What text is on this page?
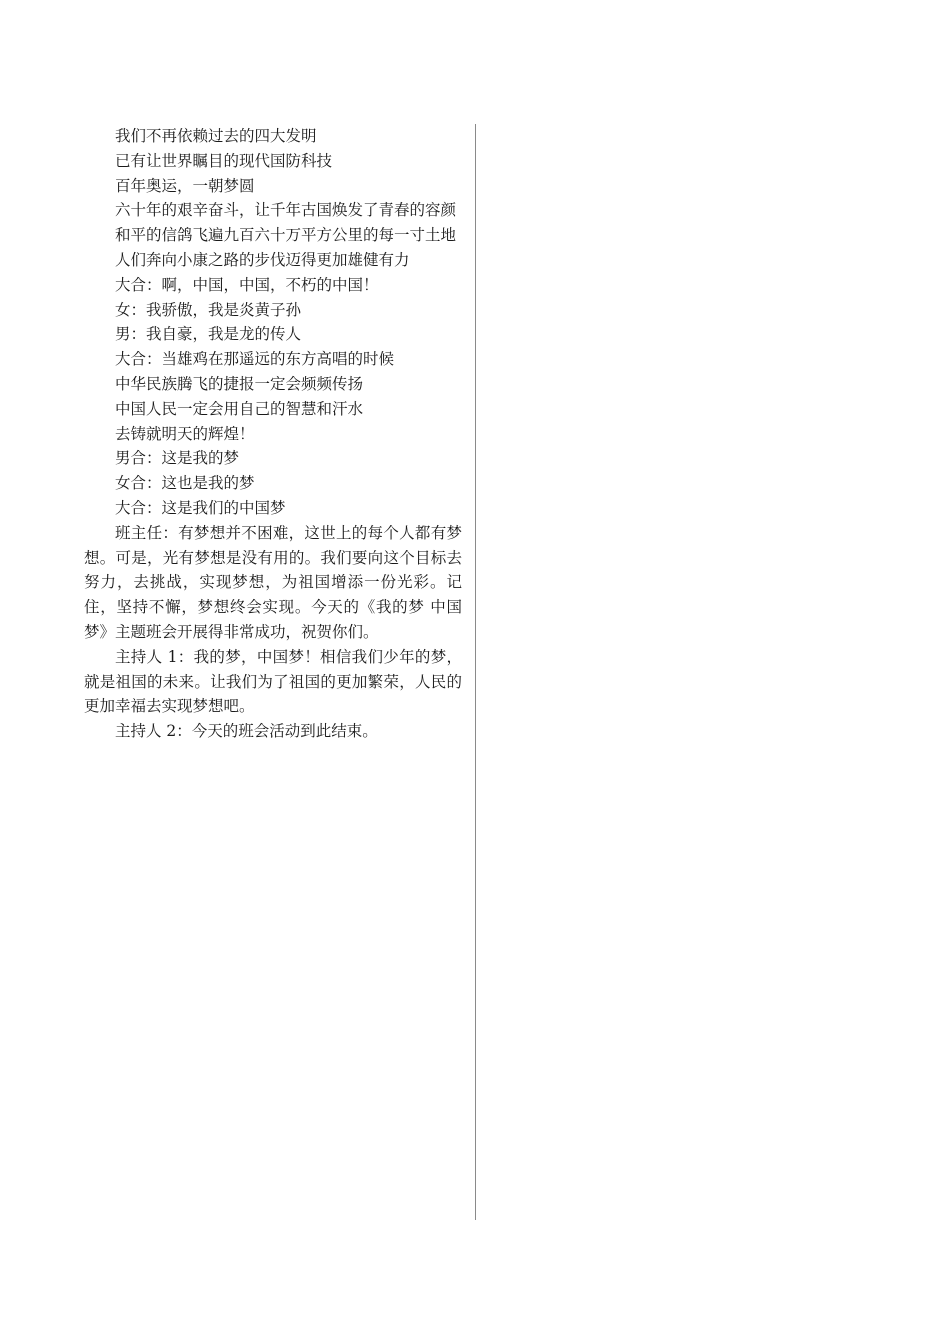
我们不再依赖过去的四大发明

已有让世界瞩目的现代国防科技

百年奥运，一朝梦圆

六十年的艰辛奋斗，让千年古国焕发了青春的容颜

和平的信鸽飞遍九百六十万平方公里的每一寸土地

人们奔向小康之路的步伐迈得更加雄健有力

大合：啊，中国，中国，不朽的中国！

女：我骄傲，我是炎黄子孙

男：我自豪，我是龙的传人

大合：当雄鸡在那遥远的东方高唱的时候

中华民族腾飞的捷报一定会频频传扬

中国人民一定会用自己的智慧和汗水

去铸就明天的辉煌！

男合：这是我的梦

女合：这也是我的梦

大合：这是我们的中国梦

班主任：有梦想并不困难，这世上的每个人都有梦想。可是，光有梦想是没有用的。我们要向这个目标去努力，去挑战，实现梦想，为祖国增添一份光彩。记住，坚持不懈，梦想终会实现。今天的《我的梦 中国梦》主题班会开展得非常成功，祝贺你们。

主持人 1：我的梦，中国梦！相信我们少年的梦，就是祖国的未来。让我们为了祖国的更加繁荣，人民的更加幸福去实现梦想吧。

主持人 2：今天的班会活动到此结束。
